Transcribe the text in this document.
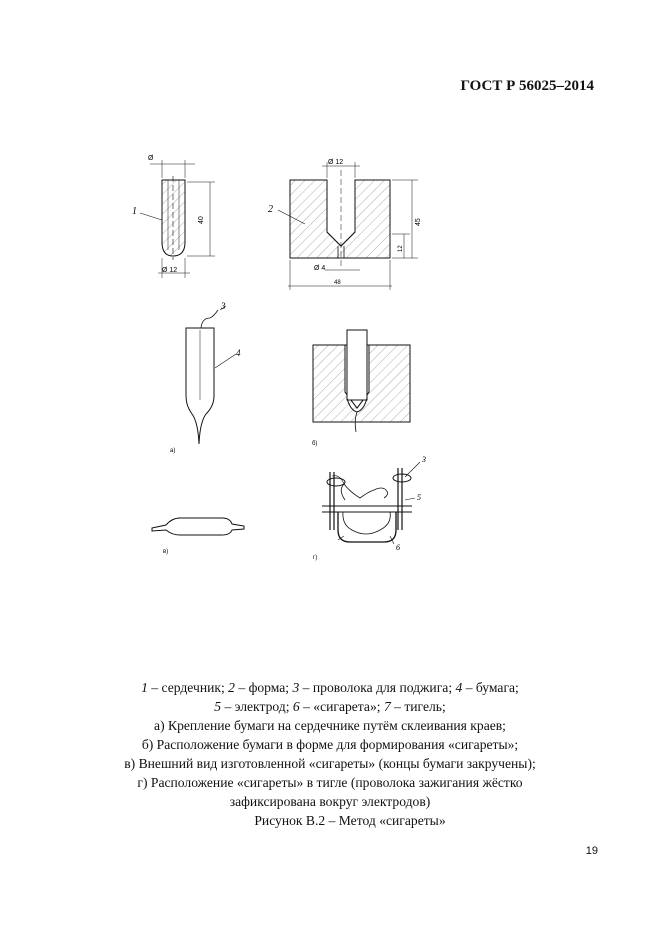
ГОСТ Р 56025–2014
Ø
Ø 12
40
1
Ø 12
45
12
Ø 4
48
2
3
4
а)
б)
в)
3
5
6
г)
1 – сердечник; 2 – форма; 3 – проволока для поджига; 4 – бумага;
5 – электрод; 6 – «сигарета»; 7 – тигель;
а) Крепление бумаги на сердечнике путём склеивания краев;
б) Расположение бумаги в форме для формирования «сигареты»;
в) Внешний вид изготовленной «сигареты» (концы бумаги закручены);
г) Расположение «сигареты» в тигле (проволока зажигания жёстко
зафиксирована вокруг электродов)
Рисунок В.2 – Метод «сигареты»
19
